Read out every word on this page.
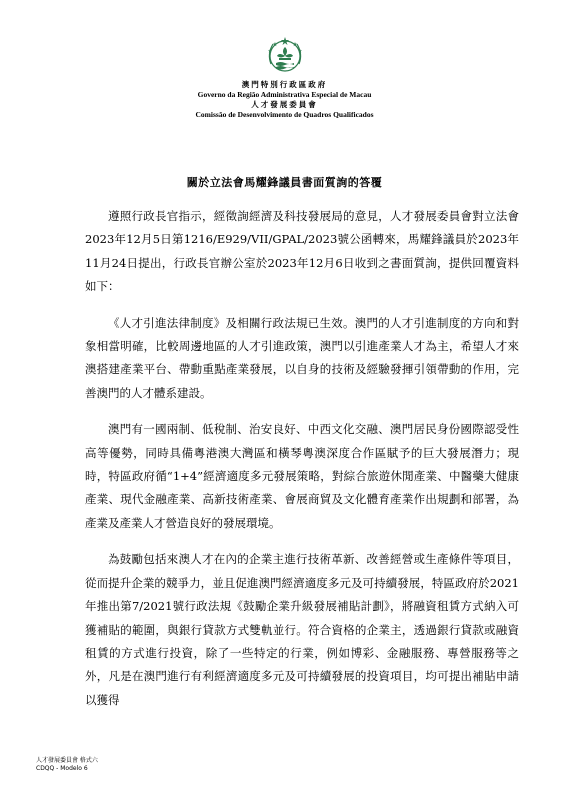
澳門特別行政區政府
Governo da Região Administrativa Especial de Macau
人才發展委員會
Comissão de Desenvolvimento de Quadros Qualificados
關於立法會馬耀鋒議員書面質詢的答覆

遵照行政長官指示，經徵詢經濟及科技發展局的意見，人才發展委員會對立法會2023年12月5日第1216/E929/VII/GPAL/2023號公函轉來，馬耀鋒議員於2023年11月24日提出，行政長官辦公室於2023年12月6日收到之書面質詢，提供回覆資料如下：

《人才引進法律制度》及相關行政法規已生效。澳門的人才引進制度的方向和對象相當明確，比較周邊地區的人才引進政策，澳門以引進產業人才為主，希望人才來澳搭建產業平台、帶動重點產業發展，以自身的技術及經驗發揮引領帶動的作用，完善澳門的人才體系建設。

澳門有一國兩制、低稅制、治安良好、中西文化交融、澳門居民身份國際認受性高等優勢，同時具備粵港澳大灣區和橫琴粵澳深度合作區賦予的巨大發展潛力；現時，特區政府循“1+4”經濟適度多元發展策略，對綜合旅遊休閒產業、中醫藥大健康產業、現代金融產業、高新技術產業、會展商貿及文化體育產業作出規劃和部署，為產業及產業人才營造良好的發展環境。

為鼓勵包括來澳人才在內的企業主進行技術革新、改善經營或生產條件等項目，從而提升企業的競爭力，並且促進澳門經濟適度多元及可持續發展，特區政府於2021年推出第7/2021號行政法規《鼓勵企業升級發展補貼計劃》，將融資租賃方式納入可獲補貼的範圍，與銀行貸款方式雙軌並行。符合資格的企業主，透過銀行貸款或融資租賃的方式進行投資，除了一些特定的行業，例如博彩、金融服務、專營服務等之外，凡是在澳門進行有利經濟適度多元及可持續發展的投資項目，均可提出補貼申請以獲得

人才發展委員會 格式六
CDQQ - Modelo 6
